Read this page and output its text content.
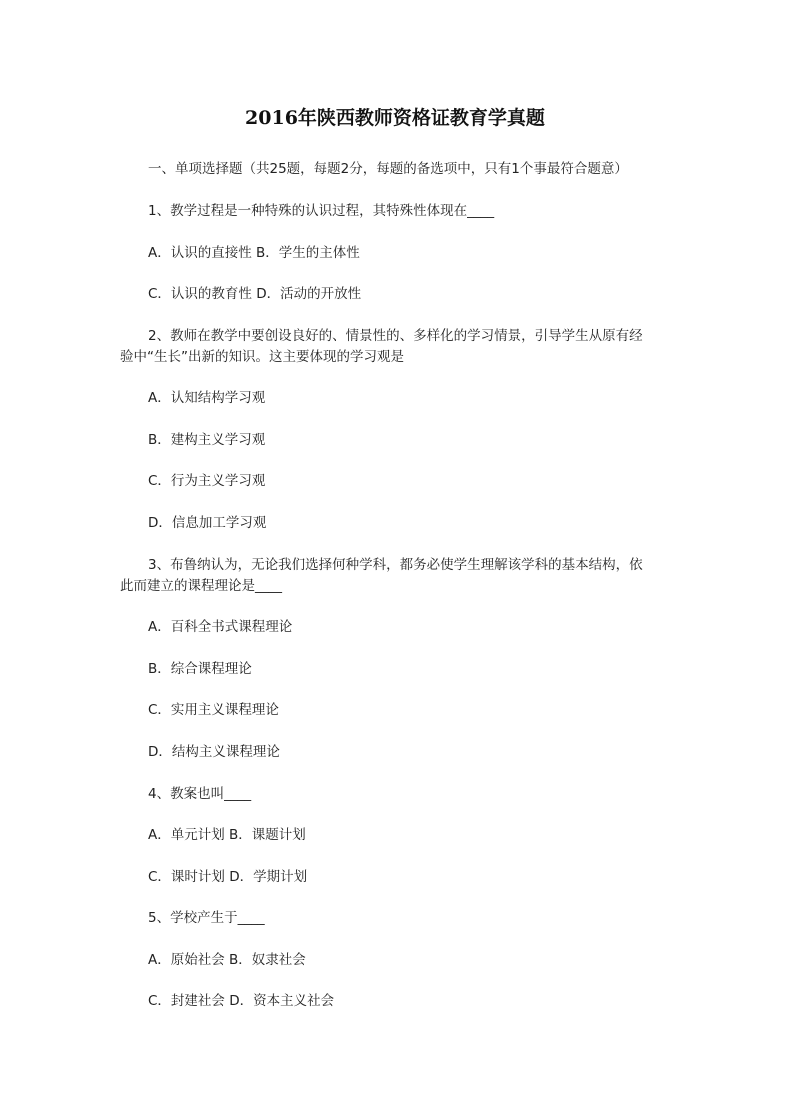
2016年陕西教师资格证教育学真题
一、单项选择题（共25题，每题2分，每题的备选项中，只有1个事最符合题意）
1、教学过程是一种特殊的认识过程，其特殊性体现在____
A．认识的直接性 B．学生的主体性
C．认识的教育性 D．活动的开放性
2、教师在教学中要创设良好的、情景性的、多样化的学习情景，引导学生从原有经
验中“生长”出新的知识。这主要体现的学习观是
A．认知结构学习观
B．建构主义学习观
C．行为主义学习观
D．信息加工学习观
3、布鲁纳认为，无论我们选择何种学科，都务必使学生理解该学科的基本结构，依
此而建立的课程理论是____
A．百科全书式课程理论
B．综合课程理论
C．实用主义课程理论
D．结构主义课程理论
4、教案也叫____
A．单元计划 B．课题计划
C．课时计划 D．学期计划
5、学校产生于____
A．原始社会 B．奴隶社会
C．封建社会 D．资本主义社会
